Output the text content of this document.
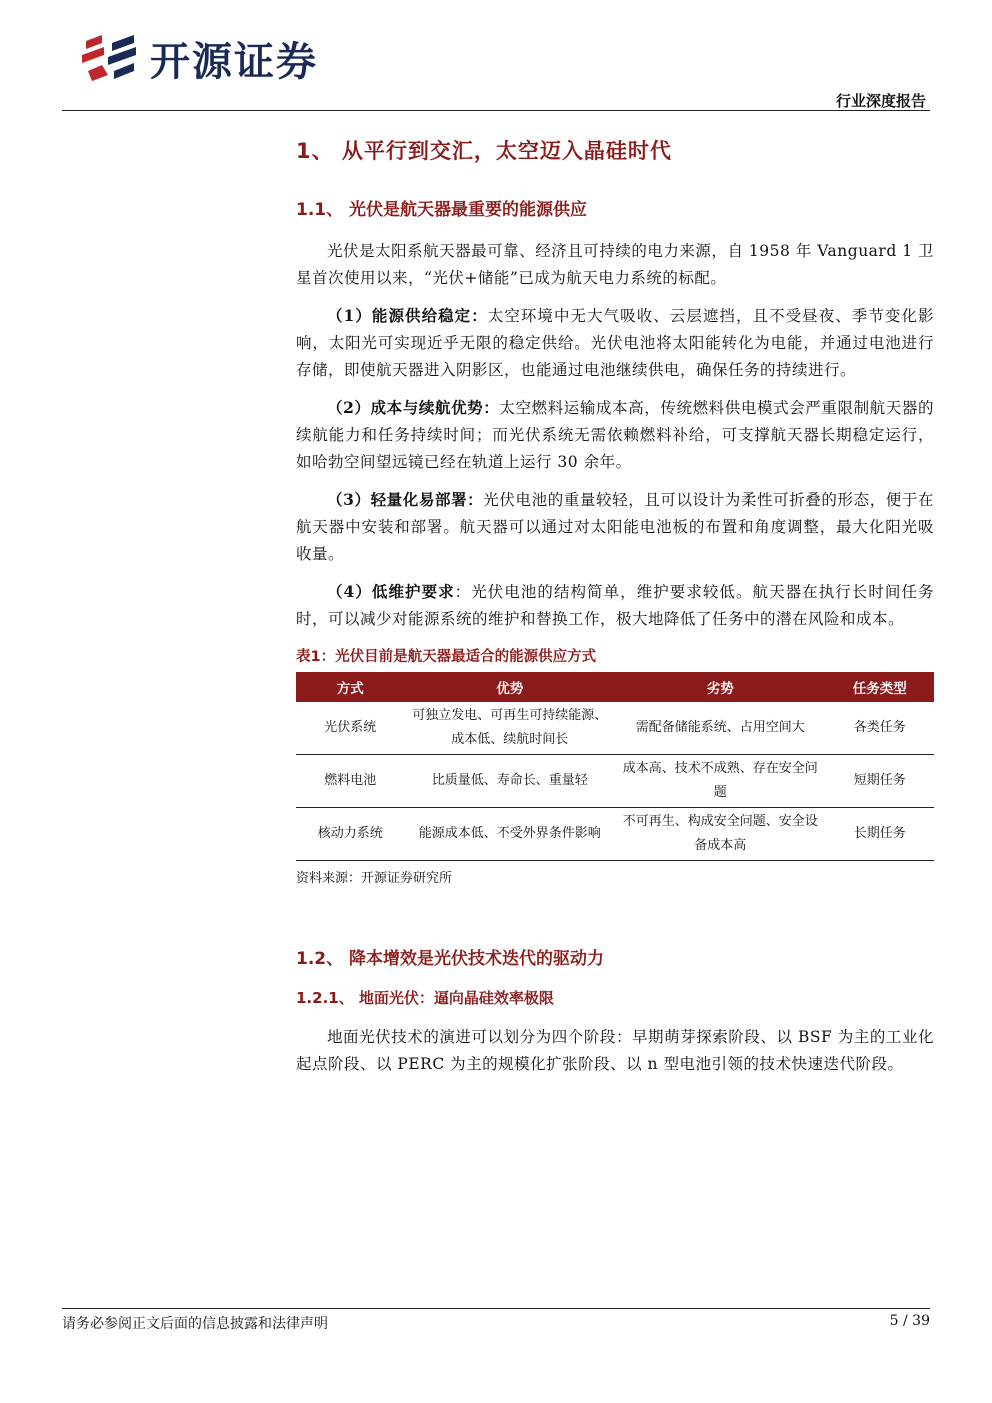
开源证券
行业深度报告
1、 从平行到交汇，太空迈入晶硅时代
1.1、 光伏是航天器最重要的能源供应

光伏是太阳系航天器最可靠、经济且可持续的电力来源，自 1958 年 Vanguard 1 卫星首次使用以来，“光伏+储能”已成为航天电力系统的标配。

（1）能源供给稳定：太空环境中无大气吸收、云层遮挡，且不受昼夜、季节变化影响，太阳光可实现近乎无限的稳定供给。光伏电池将太阳能转化为电能，并通过电池进行存储，即使航天器进入阴影区，也能通过电池继续供电，确保任务的持续进行。

（2）成本与续航优势：太空燃料运输成本高，传统燃料供电模式会严重限制航天器的续航能力和任务持续时间；而光伏系统无需依赖燃料补给，可支撑航天器长期稳定运行，如哈勃空间望远镜已经在轨道上运行 30 余年。

（3）轻量化易部署：光伏电池的重量较轻，且可以设计为柔性可折叠的形态，便于在航天器中安装和部署。航天器可以通过对太阳能电池板的布置和角度调整，最大化阳光吸收量。

（4）低维护要求：光伏电池的结构简单，维护要求较低。航天器在执行长时间任务时，可以减少对能源系统的维护和替换工作，极大地降低了任务中的潜在风险和成本。

表1：光伏目前是航天器最适合的能源供应方式
方式	优势	劣势	任务类型
光伏系统	可独立发电、可再生可持续能源、成本低、续航时间长	需配备储能系统、占用空间大	各类任务
燃料电池	比质量低、寿命长、重量轻	成本高、技术不成熟、存在安全问题	短期任务
核动力系统	能源成本低、不受外界条件影响	不可再生、构成安全问题、安全设备成本高	长期任务

资料来源：开源证券研究所

1.2、 降本增效是光伏技术迭代的驱动力
1.2.1、 地面光伏：逼向晶硅效率极限

地面光伏技术的演进可以划分为四个阶段：早期萌芽探索阶段、以 BSF 为主的工业化起点阶段、以 PERC 为主的规模化扩张阶段、以 n 型电池引领的技术快速迭代阶段。

请务必参阅正文后面的信息披露和法律声明	5 / 39
